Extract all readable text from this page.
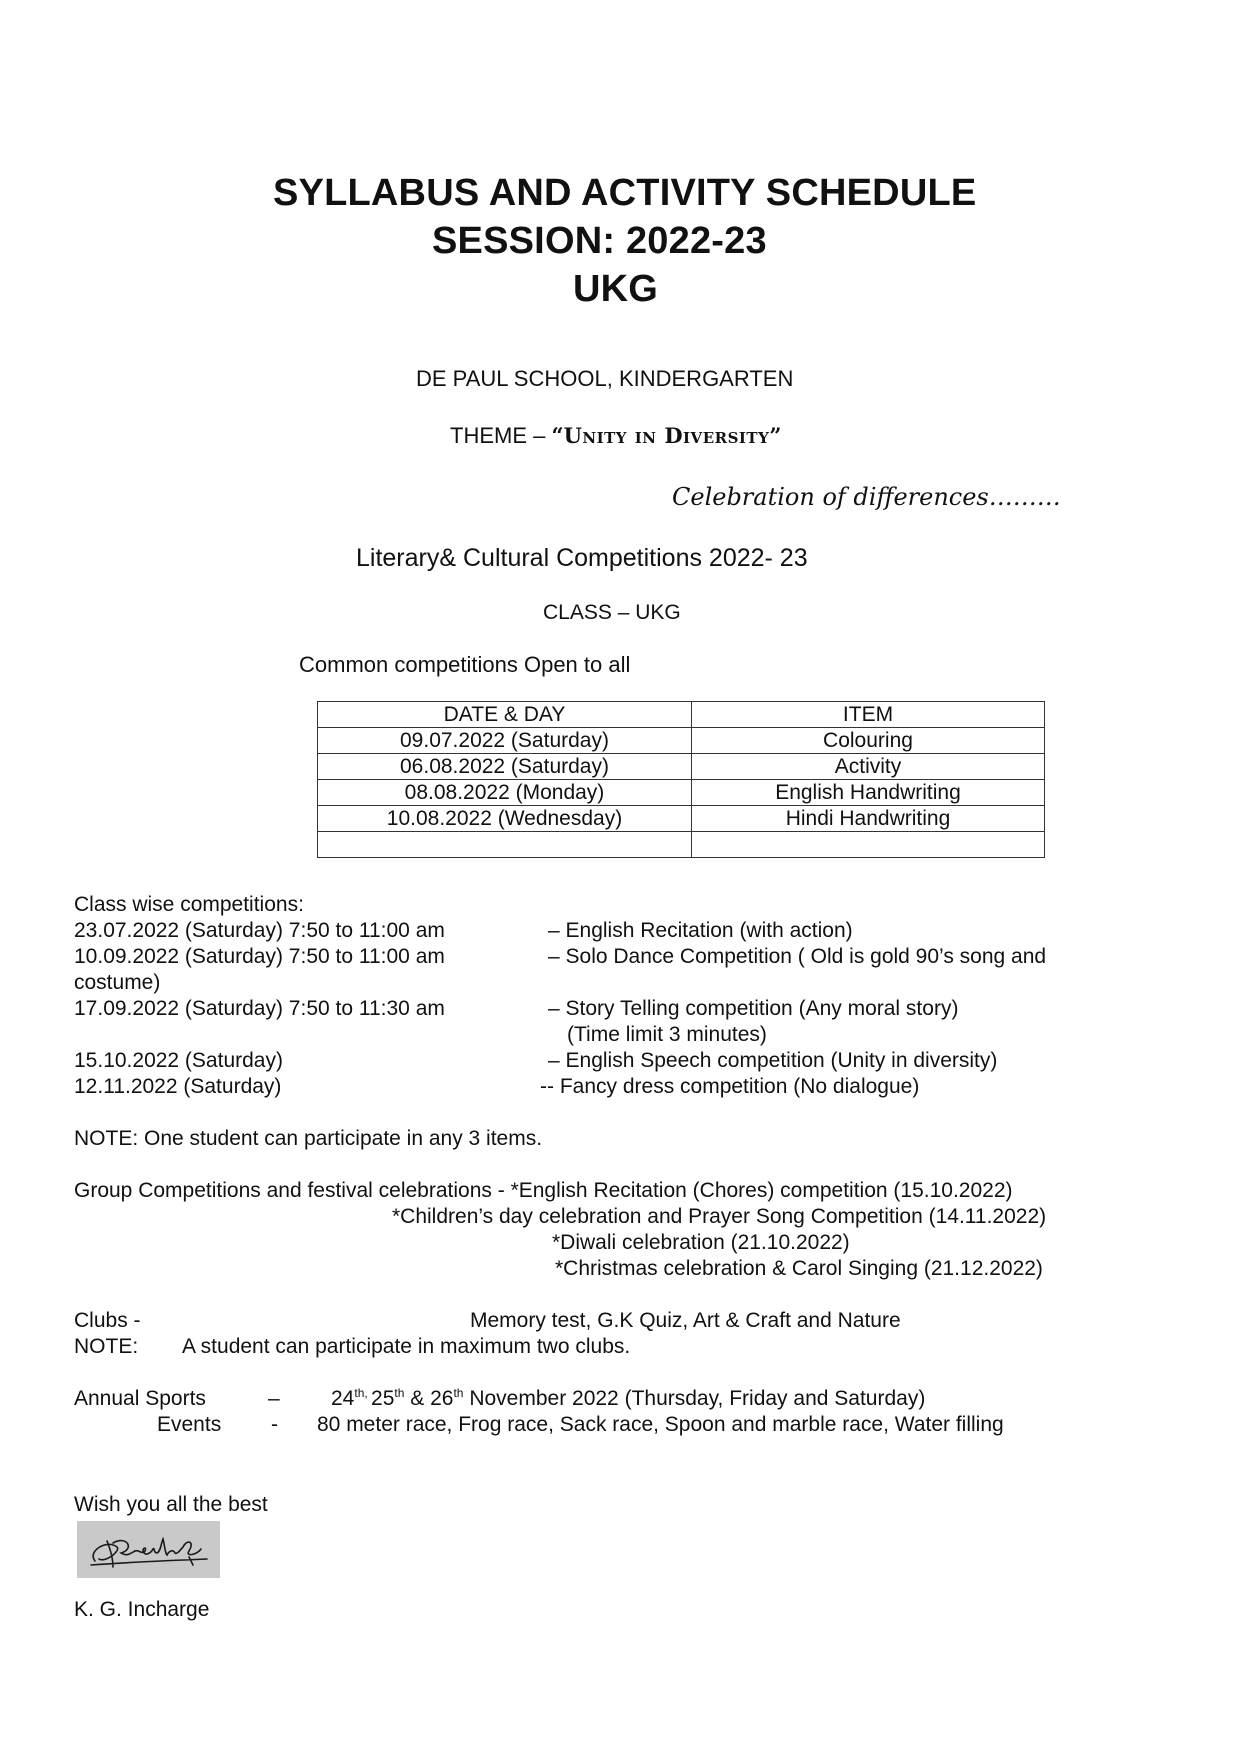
SYLLABUS AND ACTIVITY SCHEDULE
SESSION: 2022-23
UKG
DE PAUL SCHOOL, KINDERGARTEN
THEME – “Unity in Diversity”
Celebration of differences………
Literary& Cultural Competitions 2022- 23
CLASS – UKG
Common competitions Open to all
DATE & DAY	ITEM
09.07.2022 (Saturday)	Colouring
06.08.2022 (Saturday)	Activity
08.08.2022 (Monday)	English Handwriting
10.08.2022 (Wednesday)	Hindi Handwriting

Class wise competitions:
23.07.2022 (Saturday) 7:50 to 11:00 am	– English Recitation (with action)
10.09.2022 (Saturday) 7:50 to 11:00 am	– Solo Dance Competition ( Old is gold 90’s song and
costume)
17.09.2022 (Saturday) 7:50 to 11:30 am	– Story Telling competition (Any moral story)
(Time limit 3 minutes)
15.10.2022 (Saturday)	– English Speech competition (Unity in diversity)
12.11.2022 (Saturday)	-- Fancy dress competition (No dialogue)
NOTE: One student can participate in any 3 items.
Group Competitions and festival celebrations - *English Recitation (Chores) competition (15.10.2022)
*Children’s day celebration and Prayer Song Competition (14.11.2022)
*Diwali celebration (21.10.2022)
*Christmas celebration & Carol Singing (21.12.2022)
Clubs -	Memory test, G.K Quiz, Art & Craft and Nature
NOTE: A student can participate in maximum two clubs.
Annual Sports	– $24^{th,}$ 25th & 26th November 2022 (Thursday, Friday and Saturday)
Events - 80 meter race, Frog race, Sack race, Spoon and marble race, Water filling
Wish you all the best
K. G. Incharge
